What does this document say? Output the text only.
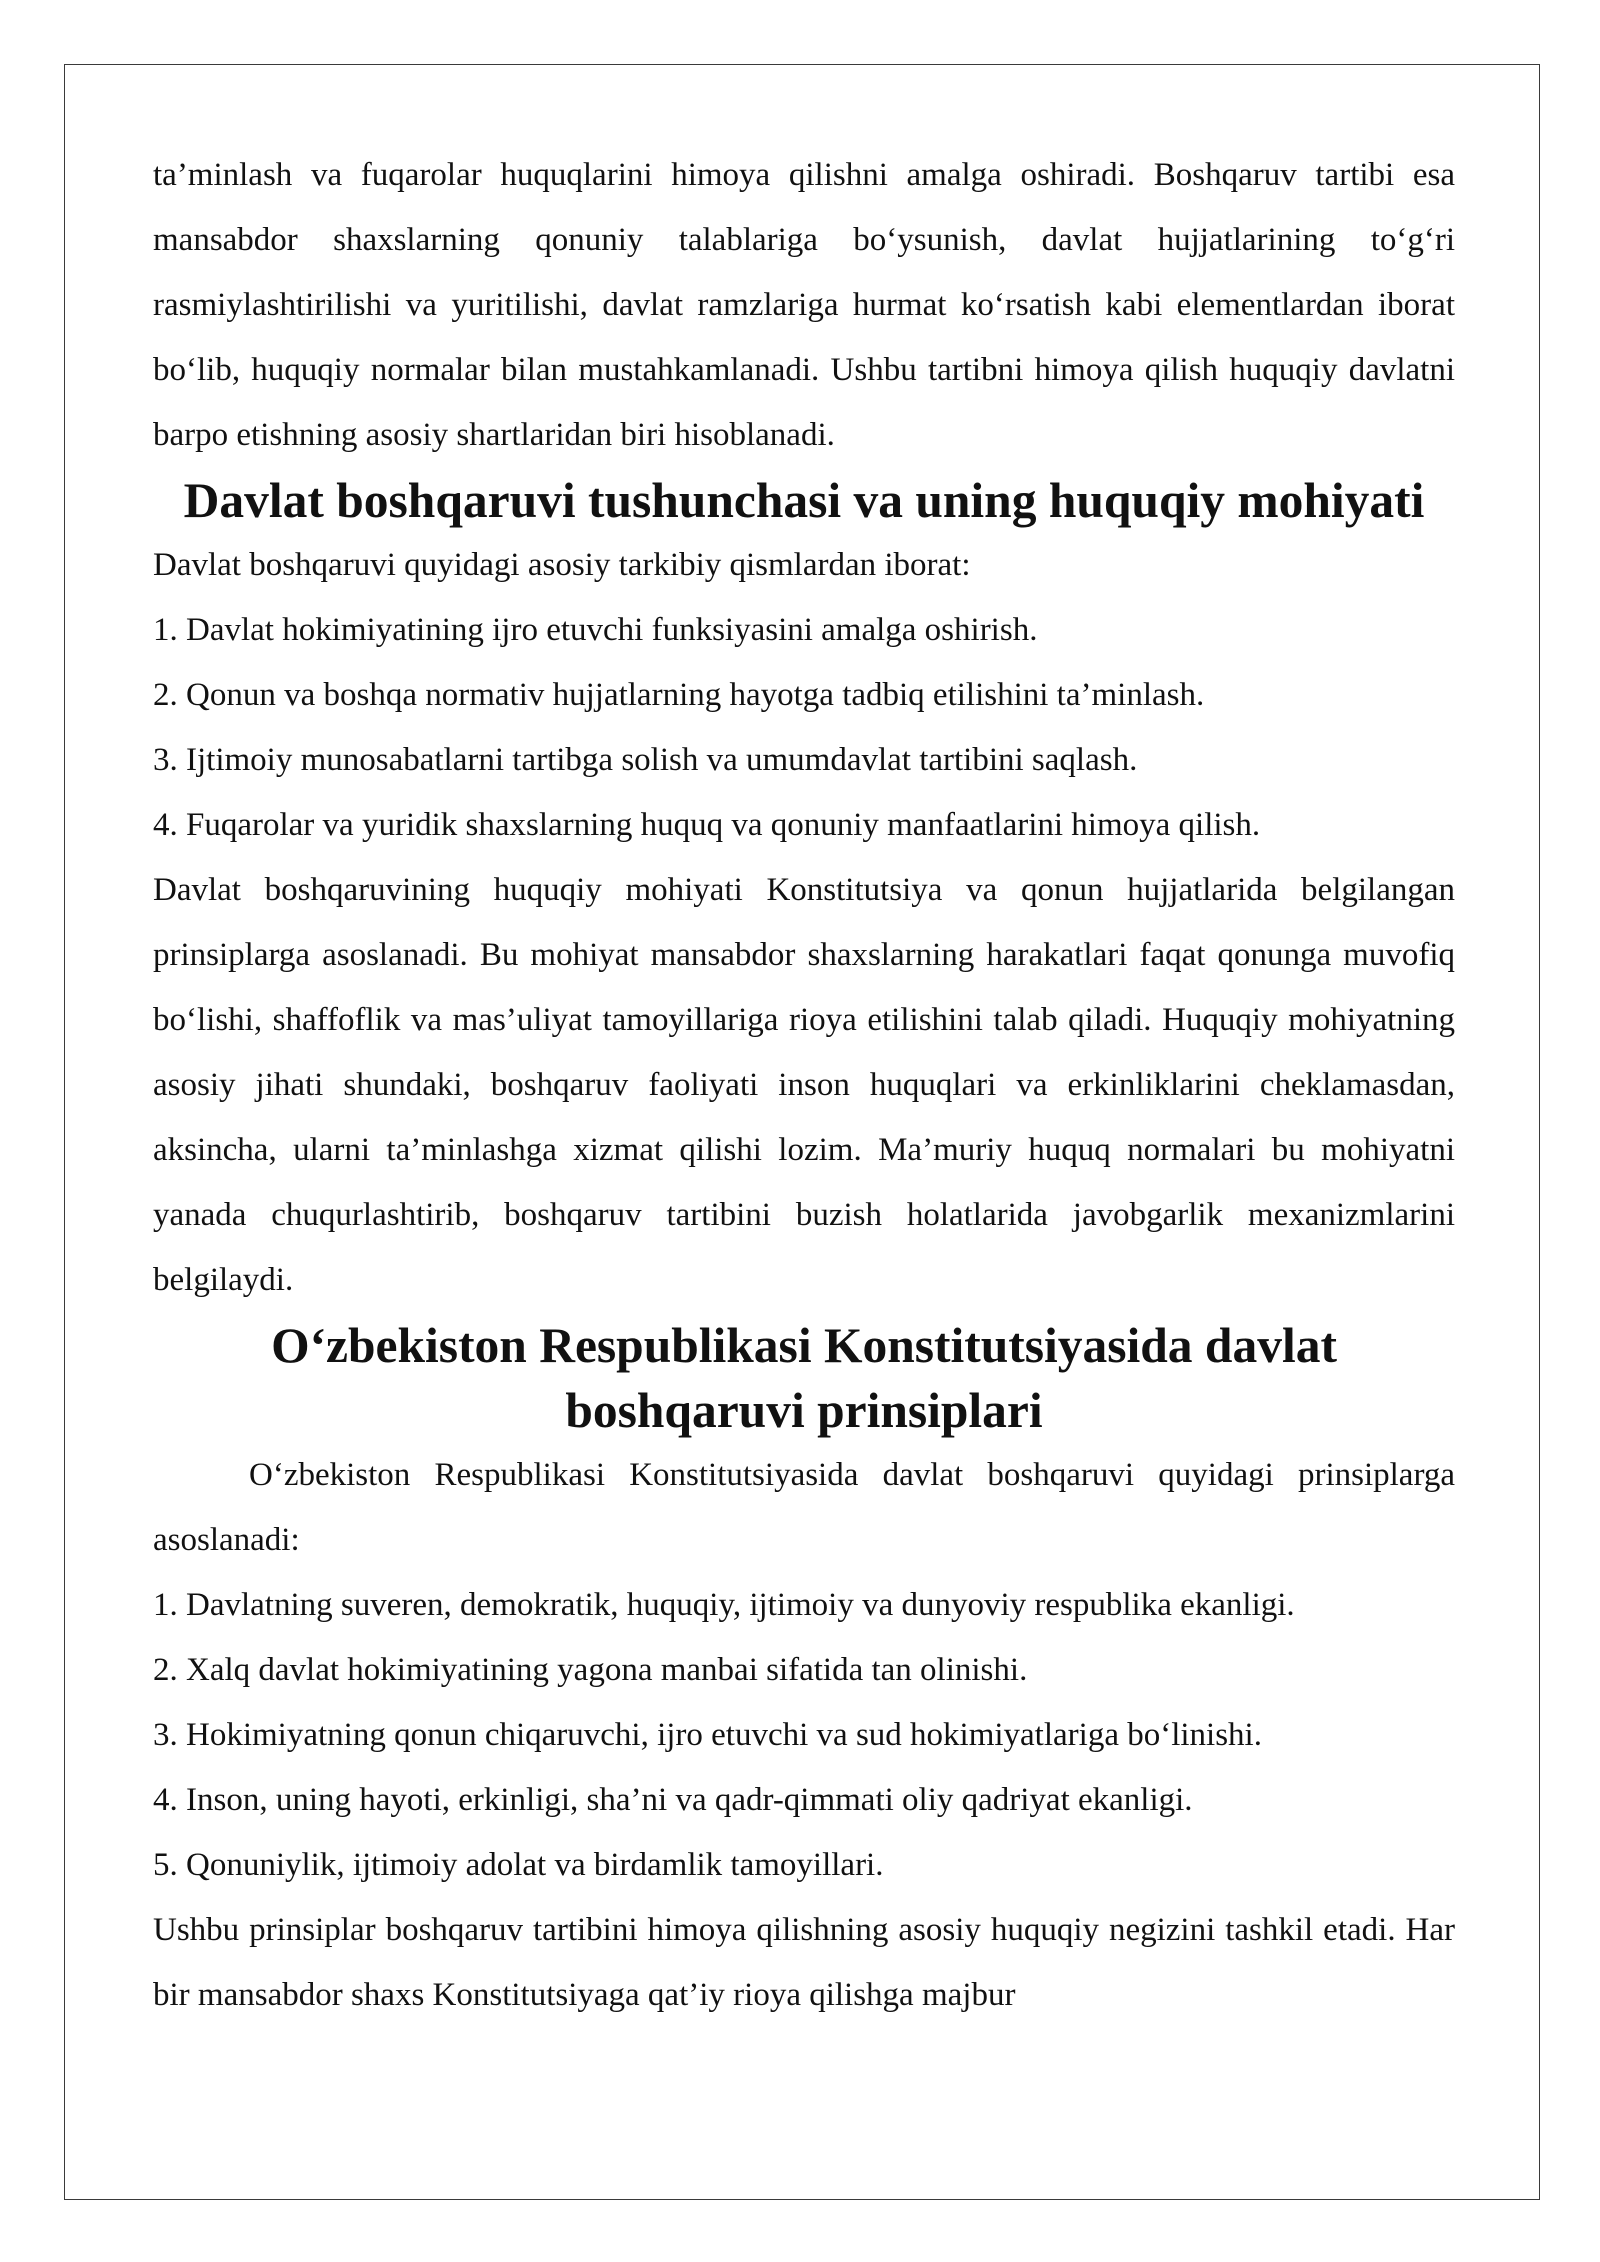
ta’minlash va fuqarolar huquqlarini himoya qilishni amalga oshiradi. Boshqaruv tartibi esa mansabdor shaxslarning qonuniy talablariga bo‘ysunish, davlat hujjatlarining to‘g‘ri rasmiylashtirilishi va yuritilishi, davlat ramzlariga hurmat ko‘rsatish kabi elementlardan iborat bo‘lib, huquqiy normalar bilan mustahkamlanadi. Ushbu tartibni himoya qilish huquqiy davlatni barpo etishning asosiy shartlaridan biri hisoblanadi.

Davlat boshqaruvi tushunchasi va uning huquqiy mohiyati

Davlat boshqaruvi quyidagi asosiy tarkibiy qismlardan iborat:

1. Davlat hokimiyatining ijro etuvchi funksiyasini amalga oshirish.

2. Qonun va boshqa normativ hujjatlarning hayotga tadbiq etilishini ta’minlash.

3. Ijtimoiy munosabatlarni tartibga solish va umumdavlat tartibini saqlash.

4. Fuqarolar va yuridik shaxslarning huquq va qonuniy manfaatlarini himoya qilish.

Davlat boshqaruvining huquqiy mohiyati Konstitutsiya va qonun hujjatlarida belgilangan prinsiplarga asoslanadi. Bu mohiyat mansabdor shaxslarning harakatlari faqat qonunga muvofiq bo‘lishi, shaffoflik va mas’uliyat tamoyillariga rioya etilishini talab qiladi. Huquqiy mohiyatning asosiy jihati shundaki, boshqaruv faoliyati inson huquqlari va erkinliklarini cheklamasdan, aksincha, ularni ta’minlashga xizmat qilishi lozim. Ma’muriy huquq normalari bu mohiyatni yanada chuqurlashtirib, boshqaruv tartibini buzish holatlarida javobgarlik mexanizmlarini belgilaydi.

O‘zbekiston Respublikasi Konstitutsiyasida davlat boshqaruvi prinsiplari

O‘zbekiston Respublikasi Konstitutsiyasida davlat boshqaruvi quyidagi prinsiplarga asoslanadi:

1. Davlatning suveren, demokratik, huquqiy, ijtimoiy va dunyoviy respublika ekanligi.

2. Xalq davlat hokimiyatining yagona manbai sifatida tan olinishi.

3. Hokimiyatning qonun chiqaruvchi, ijro etuvchi va sud hokimiyatlariga bo‘linishi.

4. Inson, uning hayoti, erkinligi, sha’ni va qadr-qimmati oliy qadriyat ekanligi.

5. Qonuniylik, ijtimoiy adolat va birdamlik tamoyillari.

Ushbu prinsiplar boshqaruv tartibini himoya qilishning asosiy huquqiy negizini tashkil etadi. Har bir mansabdor shaxs Konstitutsiyaga qat’iy rioya qilishga majbur
